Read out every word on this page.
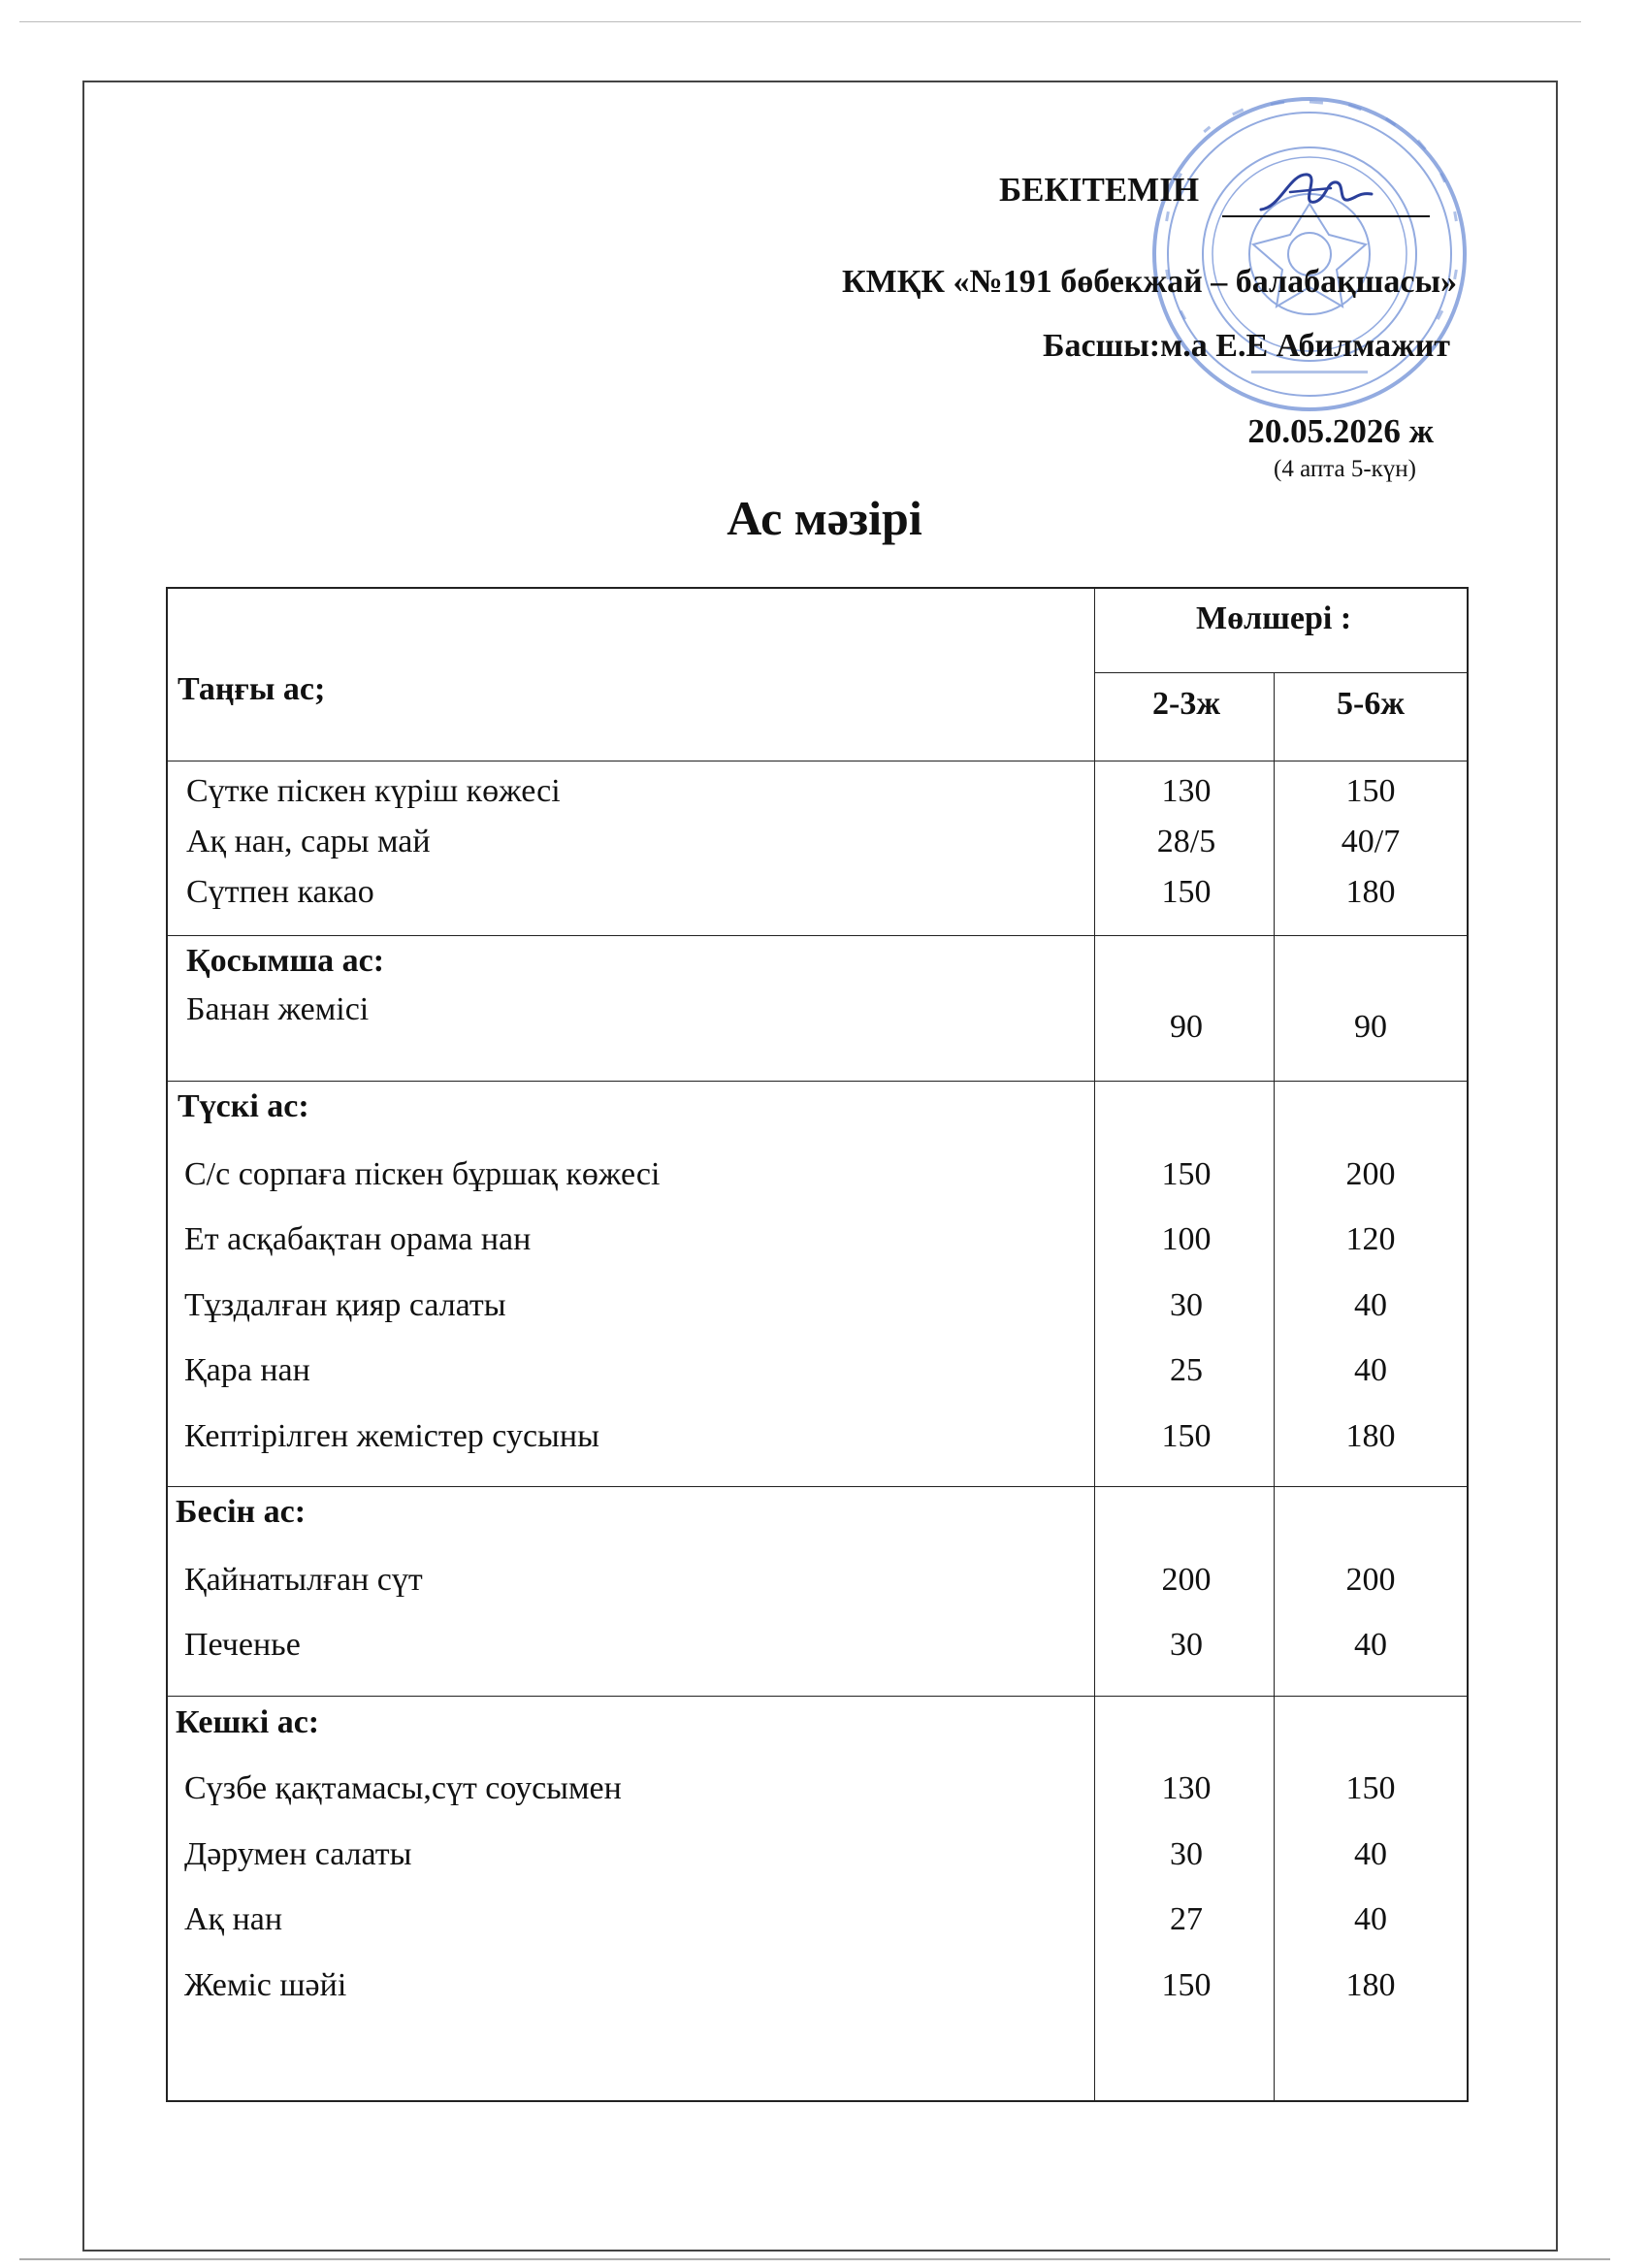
БЕКІТЕМІН
КМҚК «№191 бөбекжай – балабақшасы»
Басшы:м.а Е.Е Абилмажит
20.05.2026 ж
(4 апта 5-күн)
Ас мәзірі
Таңғы ас;
Мөлшері :
2-3ж	5-6ж
Сүтке піскен күріш көжесі	130	150
Ақ нан, сары май	28/5	40/7
Сүтпен какао	150	180
Қосымша ас:
Банан жемісі	90	90
Түскі ас:
С/с сорпаға піскен бұршақ көжесі	150	200
Ет асқабақтан орама нан	100	120
Тұздалған қияр салаты	30	40
Қара нан	25	40
Кептірілген жемістер сусыны	150	180
Бесін ас:
Қайнатылған сүт	200	200
Печенье	30	40
Кешкі ас:
Сүзбе қақтамасы,сүт соусымен	130	150
Дәрумен салаты	30	40
Ақ нан	27	40
Жеміс шәйі	150	180
